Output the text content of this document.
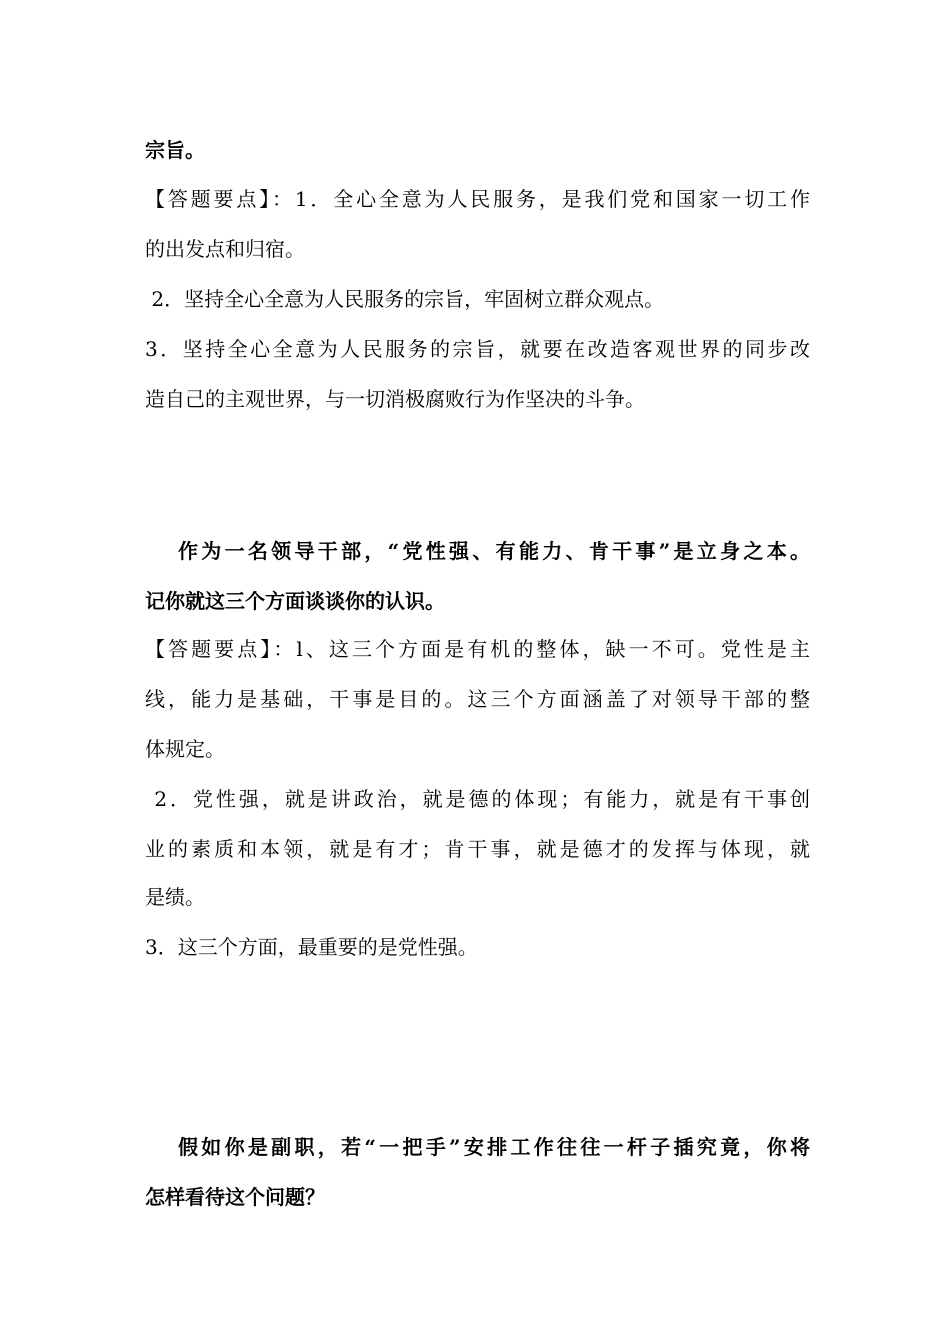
宗旨。
【答题要点】：1．全心全意为人民服务，是我们党和国家一切工作
的出发点和归宿。
2．坚持全心全意为人民服务的宗旨，牢固树立群众观点。
3．坚持全心全意为人民服务的宗旨，就要在改造客观世界的同步改
造自己的主观世界，与一切消极腐败行为作坚决的斗争。
作为一名领导干部，“党性强、有能力、肯干事”是立身之本。
记你就这三个方面谈谈你的认识。
【答题要点】：l、这三个方面是有机的整体，缺一不可。党性是主
线，能力是基础，干事是目的。这三个方面涵盖了对领导干部的整
体规定。
2．党性强，就是讲政治，就是德的体现；有能力，就是有干事创
业的素质和本领，就是有才；肯干事，就是德才的发挥与体现，就
是绩。
3．这三个方面，最重要的是党性强。
假如你是副职，若“一把手”安排工作往往一杆子插究竟，你将
怎样看待这个问题？
